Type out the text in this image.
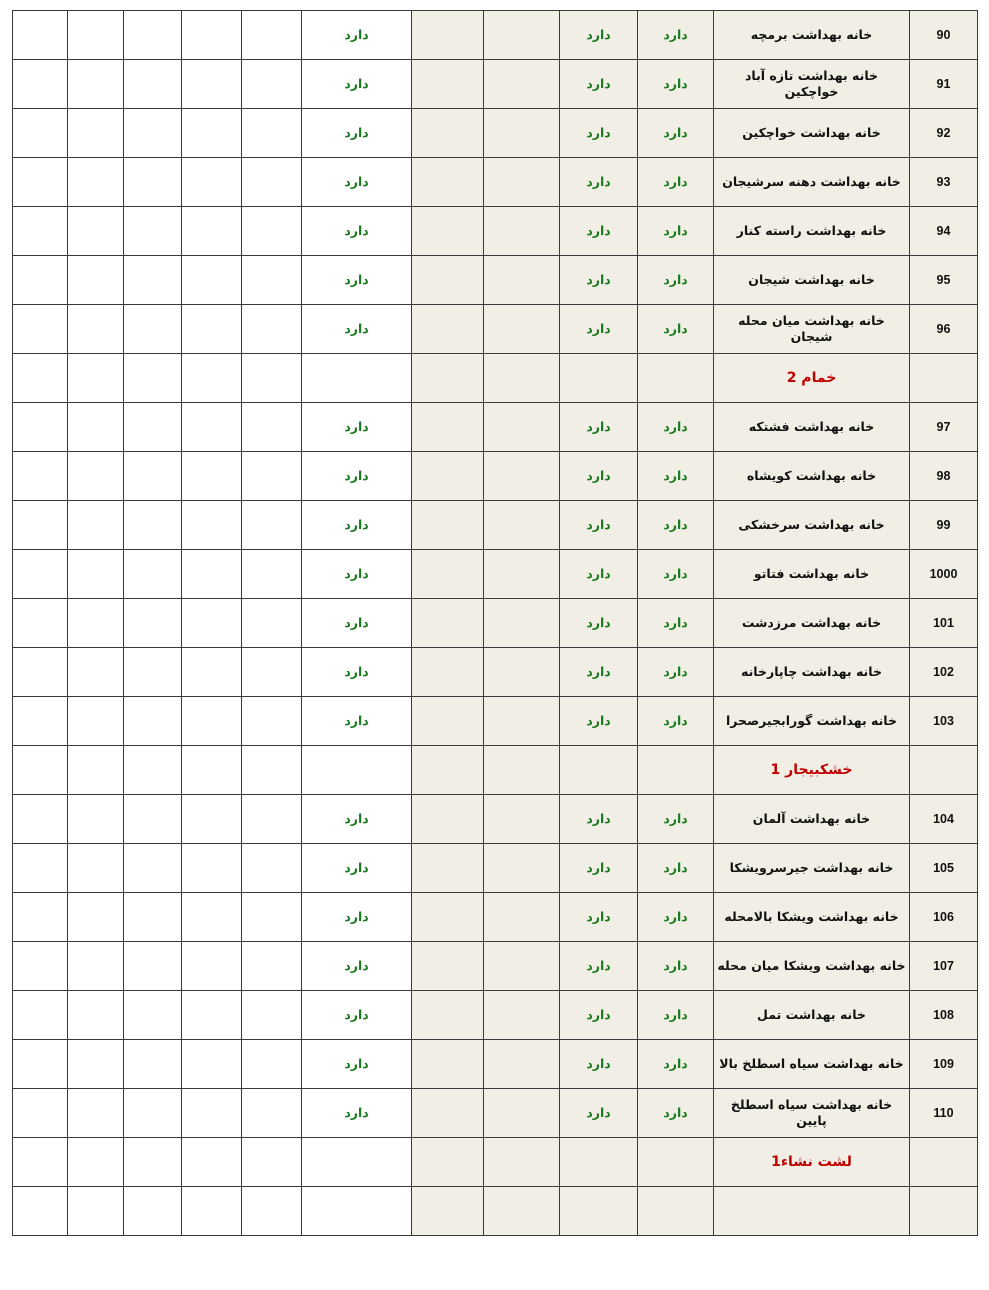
90	خانه بهداشت برمچه	دارد	دارد			دارد					
91	خانه بهداشت تازه آباد خواچکین	دارد	دارد			دارد					
92	خانه بهداشت خواچکین	دارد	دارد			دارد					
93	خانه بهداشت دهنه سرشیجان	دارد	دارد			دارد					
94	خانه بهداشت راسته کنار	دارد	دارد			دارد					
95	خانه بهداشت شیجان	دارد	دارد			دارد					
96	خانه بهداشت میان محله شیجان	دارد	دارد			دارد					
	خمام 2										
97	خانه بهداشت فشتکه	دارد	دارد			دارد					
98	خانه بهداشت کویشاه	دارد	دارد			دارد					
99	خانه بهداشت سرخشکی	دارد	دارد			دارد					
1000	خانه بهداشت فتاتو	دارد	دارد			دارد					
101	خانه بهداشت مرزدشت	دارد	دارد			دارد					
102	خانه بهداشت چاپارخانه	دارد	دارد			دارد					
103	خانه بهداشت گورابجیرصحرا	دارد	دارد			دارد					
	خشکبیجار 1										
104	خانه بهداشت آلمان	دارد	دارد			دارد					
105	خانه بهداشت جیرسرویشکا	دارد	دارد			دارد					
106	خانه بهداشت ویشکا بالامحله	دارد	دارد			دارد					
107	خانه بهداشت ویشکا میان محله	دارد	دارد			دارد					
108	خانه بهداشت تمل	دارد	دارد			دارد					
109	خانه بهداشت سیاه اسطلخ بالا	دارد	دارد			دارد					
110	خانه بهداشت سیاه اسطلخ پایین	دارد	دارد			دارد					
	لشت نشاء1										
